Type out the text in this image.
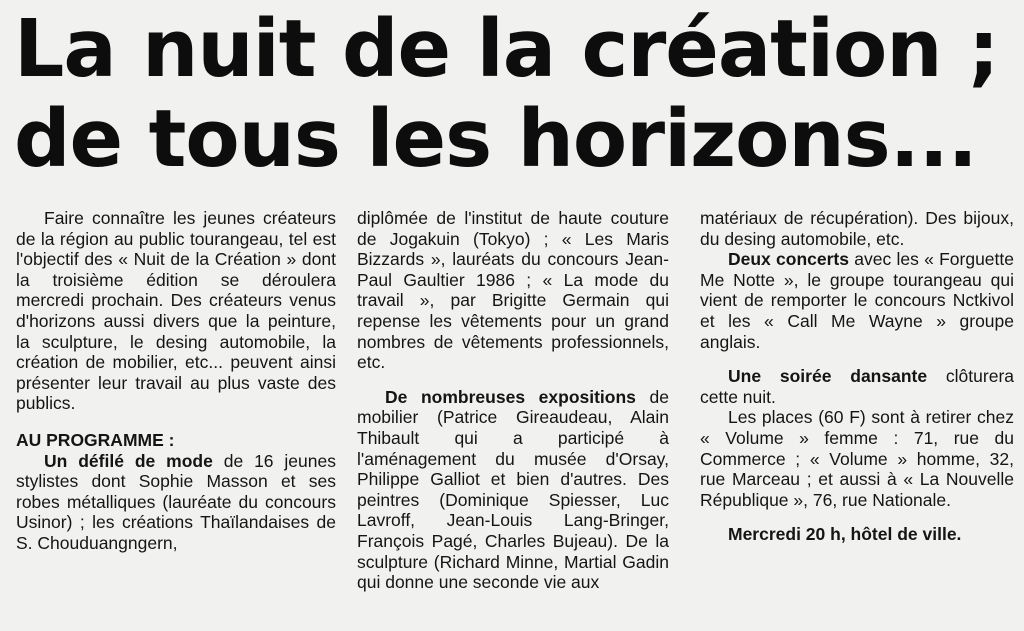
La nuit de la création ;
de tous les horizons...

Faire connaître les jeunes créateurs de la région au public tourangeau, tel est l'objectif des « Nuit de la Création » dont la troisième édition se déroulera mercredi prochain. Des créateurs venus d'horizons aussi divers que la peinture, la sculpture, le desing automobile, la création de mobilier, etc... peuvent ainsi présenter leur travail au plus vaste des publics.

AU PROGRAMME :

Un défilé de mode de 16 jeunes stylistes dont Sophie Masson et ses robes métalliques (lauréate du concours Usinor) ; les créations Thaïlandaises de S. Chouduangngern,

diplômée de l'institut de haute couture de Jogakuin (Tokyo) ; « Les Maris Bizzards », lauréats du concours Jean-Paul Gaultier 1986 ; « La mode du travail », par Brigitte Germain qui repense les vêtements pour un grand nombres de vêtements professionnels, etc.

De nombreuses expositions de mobilier (Patrice Gireaudeau, Alain Thibault qui a participé à l'aménagement du musée d'Orsay, Philippe Galliot et bien d'autres. Des peintres (Dominique Spiesser, Luc Lavroff, Jean-Louis Lang-Bringer, François Pagé, Charles Bujeau). De la sculpture (Richard Minne, Martial Gadin qui donne une seconde vie aux

matériaux de récupération). Des bijoux, du desing automobile, etc.

Deux concerts avec les « Forguette Me Notte », le groupe tourangeau qui vient de remporter le concours Nctkivol et les « Call Me Wayne » groupe anglais.

Une soirée dansante clôturera cette nuit.

Les places (60 F) sont à retirer chez « Volume » femme : 71, rue du Commerce ; « Volume » homme, 32, rue Marceau ; et aussi à « La Nouvelle République », 76, rue Nationale.

Mercredi 20 h, hôtel de ville.
